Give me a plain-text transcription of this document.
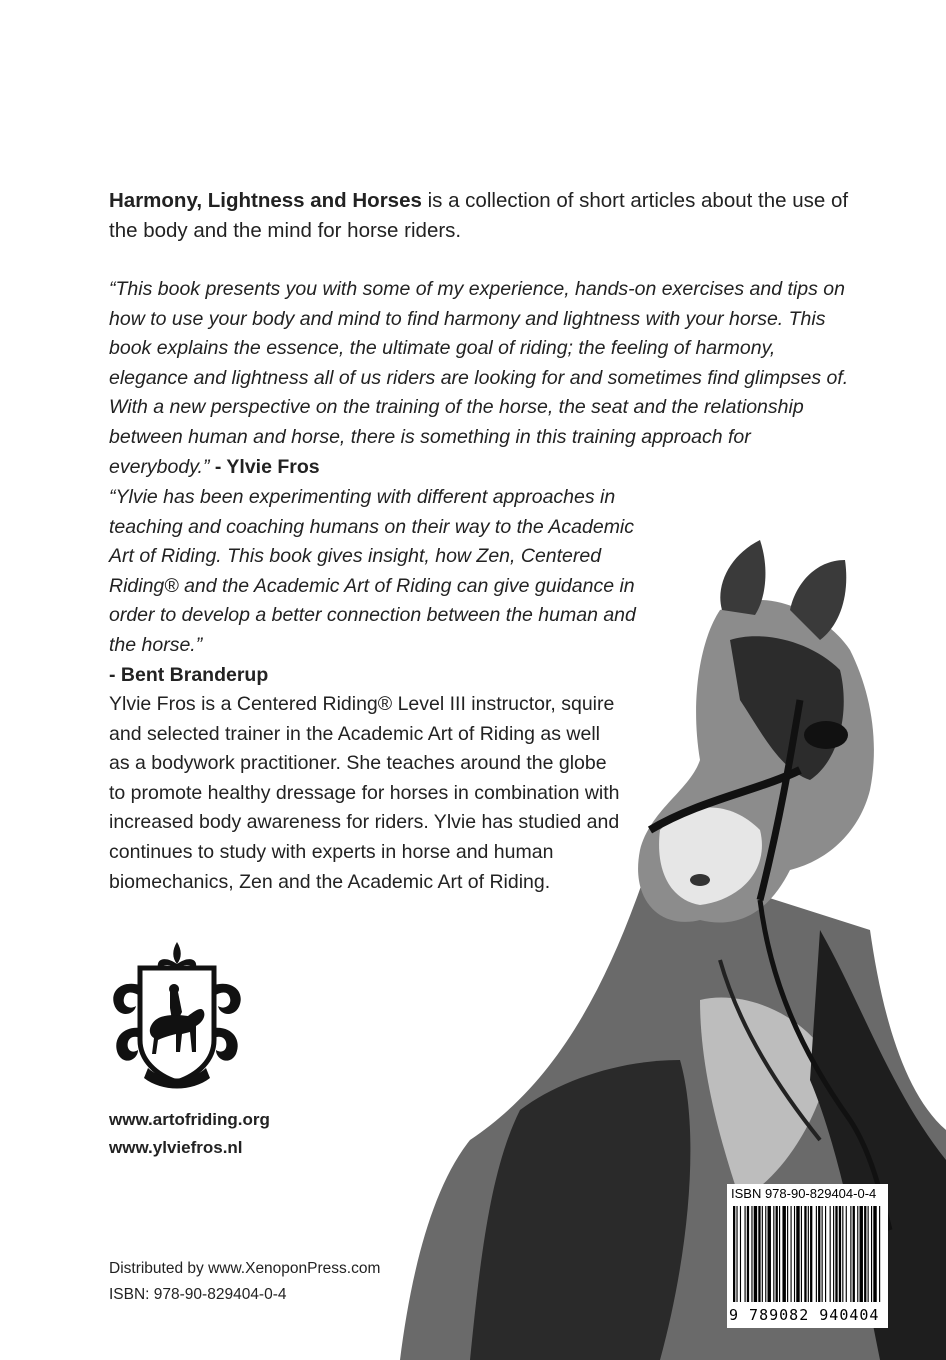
Harmony, Lightness and Horses is a collection of short articles about the use of the body and the mind for horse riders.
“This book presents you with some of my experience, hands-on exercises and tips on how to use your body and mind to find harmony and lightness with your horse. This book explains the essence, the ultimate goal of riding; the feeling of harmony, elegance and lightness all of us riders are looking for and sometimes find glimpses of. With a new perspective on the training of the horse, the seat and the relationship between human and horse, there is something in this training approach for everybody.” - Ylvie Fros
“Ylvie has been experimenting with different approaches in teaching and coaching humans on their way to the Academic Art of Riding. This book gives insight, how Zen, Centered Riding® and the Academic Art of Riding can give guidance in order to develop a better connection between the human and the horse.”
- Bent Branderup
Ylvie Fros is a Centered Riding® Level III instructor, squire and selected trainer in the Academic Art of Riding as well as a bodywork practitioner. She teaches around the globe to promote healthy dressage for horses in combination with increased body awareness for riders. Ylvie has studied and continues to study with experts in horse and human biomechanics, Zen and the Academic Art of Riding.
www.artofriding.org
www.ylviefros.nl
Distributed by www.XenoponPress.com
ISBN: 978-90-829404-0-4
ISBN 978-90-829404-0-4
9 789082 940404
